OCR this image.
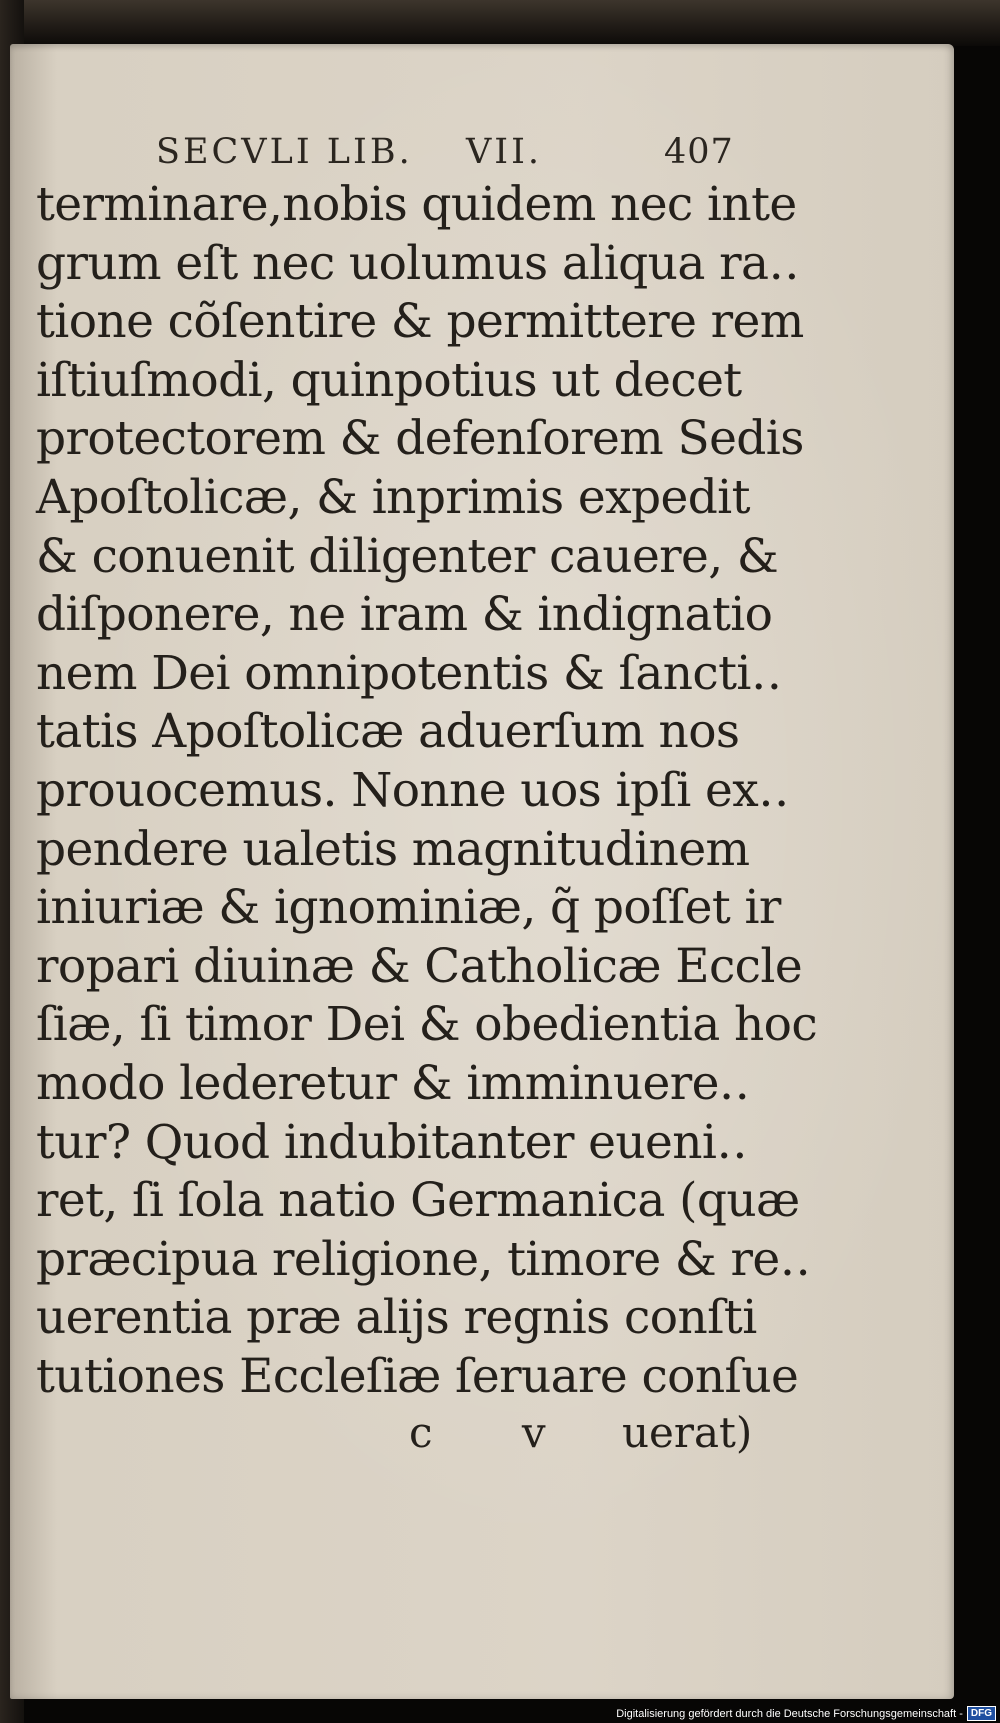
SECVLI LIB. VII.	407
terminare,nobis quidem nec inte
grum eſt nec uolumus aliqua ra‥
tione cõſentire & permittere rem
iſtiuſmodi, quinpotius ut decet
protectorem & defenſorem Sedis
Apoſtolicæ, & inprimis expedit
& conuenit diligenter cauere, &
diſponere, ne iram & indignatio
nem Dei omnipotentis & ſancti‥
tatis Apoſtolicæ aduerſum nos
prouocemus. Nonne uos ipſi ex‥
pendere ualetis magnitudinem
iniuriæ & ignominiæ, q̃ poſſet ir
ropari diuinæ & Catholicæ Eccle
ſiæ, ſi timor Dei & obedientia hoc
modo lederetur & imminuere‥
tur? Quod indubitanter eueni‥
ret, ſi ſola natio Germanica (quæ
præcipua religione, timore & re‥
uerentia præ alijs regnis conſti
tutiones Eccleſiæ ſeruare conſue
c v uerat)
Digitalisierung gefördert durch die Deutsche Forschungsgemeinschaft - DFG
